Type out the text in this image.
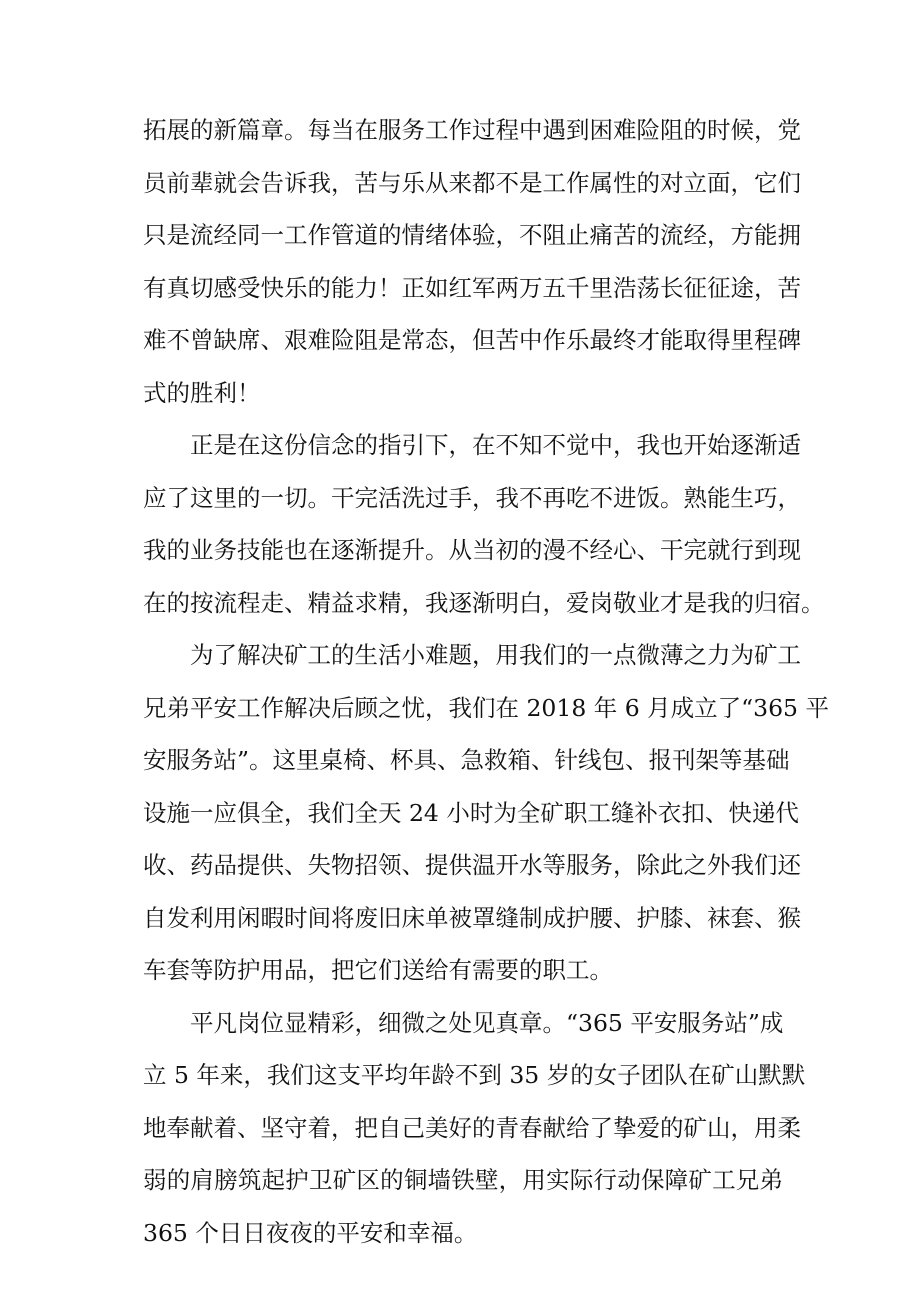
拓展的新篇章。每当在服务工作过程中遇到困难险阻的时候，党
员前辈就会告诉我，苦与乐从来都不是工作属性的对立面，它们
只是流经同一工作管道的情绪体验，不阻止痛苦的流经，方能拥
有真切感受快乐的能力！正如红军两万五千里浩荡长征征途，苦
难不曾缺席、艰难险阻是常态，但苦中作乐最终才能取得里程碑
式的胜利！
正是在这份信念的指引下，在不知不觉中，我也开始逐渐适
应了这里的一切。干完活洗过手，我不再吃不进饭。熟能生巧，
我的业务技能也在逐渐提升。从当初的漫不经心、干完就行到现
在的按流程走、精益求精，我逐渐明白，爱岗敬业才是我的归宿。
为了解决矿工的生活小难题，用我们的一点微薄之力为矿工
兄弟平安工作解决后顾之忧，我们在 2018 年 6 月成立了“365 平
安服务站”。这里桌椅、杯具、急救箱、针线包、报刊架等基础
设施一应俱全，我们全天 24 小时为全矿职工缝补衣扣、快递代
收、药品提供、失物招领、提供温开水等服务，除此之外我们还
自发利用闲暇时间将废旧床单被罩缝制成护腰、护膝、袜套、猴
车套等防护用品，把它们送给有需要的职工。
平凡岗位显精彩，细微之处见真章。“365 平安服务站”成
立 5 年来，我们这支平均年龄不到 35 岁的女子团队在矿山默默
地奉献着、坚守着，把自己美好的青春献给了挚爱的矿山，用柔
弱的肩膀筑起护卫矿区的铜墙铁壁，用实际行动保障矿工兄弟
365 个日日夜夜的平安和幸福。
